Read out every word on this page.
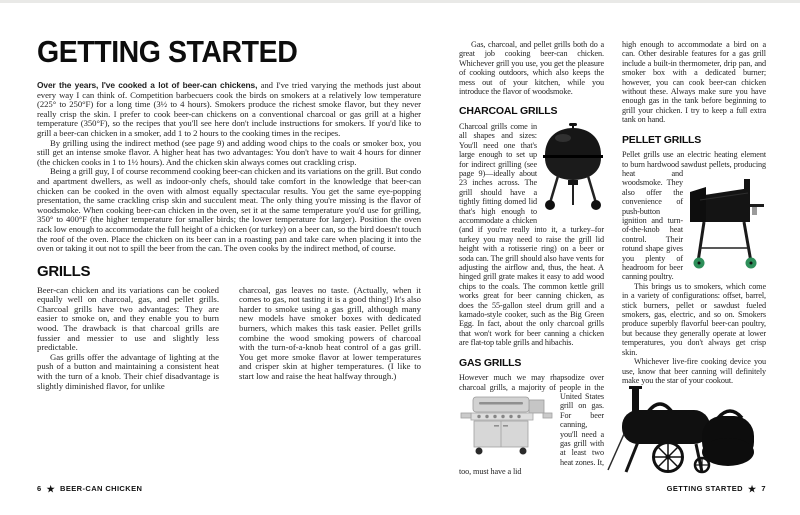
GETTING STARTED

Over the years, I've cooked a lot of beer-can chickens, and I've tried varying the methods just about every way I can think of. Competition barbecuers cook the birds on smokers at a relatively low temperature (225° to 250°F) for a long time (3½ to 4 hours). Smokers produce the richest smoke flavor, but they never really crisp the skin. I prefer to cook beer-can chickens on a conventional charcoal or gas grill at a higher temperature (350°F), so the recipes that you'll see here don't include instructions for smokers. If you'd like to grill a beer-can chicken in a smoker, add 1 to 2 hours to the cooking times in the recipes.

By grilling using the indirect method (see page 9) and adding wood chips to the coals or smoker box, you still get an intense smoke flavor. A higher heat has two advantages: You don't have to wait 4 hours for dinner (the chicken cooks in 1 to 1½ hours). And the chicken skin always comes out crackling crisp.

Being a grill guy, I of course recommend cooking beer-can chicken and its variations on the grill. But condo and apartment dwellers, as well as indoor-only chefs, should take comfort in the knowledge that beer-can chicken can be cooked in the oven with almost equally spectacular results. You get the same eye-popping presentation, the same crackling crisp skin and succulent meat. The only thing you're missing is the flavor of woodsmoke. When cooking beer-can chicken in the oven, set it at the same temperature you'd use for grilling, 350° to 400°F (the higher temperature for smaller birds; the lower temperature for larger). Position the oven rack low enough to accommodate the full height of a chicken (or turkey) on a beer can, so the bird doesn't touch the roof of the oven. Place the chicken on its beer can in a roasting pan and take care when placing it into the oven or taking it out not to spill the beer from the can. The oven cooks by the indirect method, of course.

GRILLS

Beer-can chicken and its variations can be cooked equally well on charcoal, gas, and pellet grills. Charcoal grills have two advantages: They are easier to smoke on, and they enable you to burn wood. The drawback is that charcoal grills are fussier and messier to use and slightly less predictable.

Gas grills offer the advantage of lighting at the push of a button and maintaining a consistent heat with the turn of a knob. Their chief disadvantage is slightly diminished flavor, for unlike

charcoal, gas leaves no taste. (Actually, when it comes to gas, not tasting it is a good thing!) It's also harder to smoke using a gas grill, although many new models have smoker boxes with dedicated burners, which makes this task easier. Pellet grills combine the wood smoking powers of charcoal with the turn-of-a-knob heat control of a gas grill. You get more smoke flavor at lower temperatures and crisper skin at higher temperatures. (I like to start low and raise the heat halfway through.)

Gas, charcoal, and pellet grills both do a great job cooking beer-can chicken. Whichever grill you use, you get the pleasure of cooking outdoors, which also keeps the mess out of your kitchen, while you introduce the flavor of woodsmoke.

CHARCOAL GRILLS

Charcoal grills come in all shapes and sizes: You'll need one that's large enough to set up for indirect grilling (see page 9)—ideally about 23 inches across. The grill should have a tightly fitting domed lid that's high enough to accommodate a chicken (and if you're really into it, a turkey–for turkey you may need to raise the grill lid height with a rotisserie ring) on a beer or soda can. The grill should also have vents for adjusting the airflow and, thus, the heat. A hinged grill grate makes it easy to add wood chips to the coals. The common kettle grill works great for beer canning chicken, as does the 55-gallon steel drum grill and a kamado-style cooker, such as the Big Green Egg. In fact, about the only charcoal grills that won't work for beer canning a chicken are flat-top table grills and hibachis.

GAS GRILLS

However much we may rhapsodize over charcoal grills, a majority of people in
the United States grill on gas. For beer canning, you'll need a gas grill with at least two heat zones. It, too, must have a lid

high enough to accommodate a bird on a can. Other desirable features for a gas grill include a built-in thermometer, drip pan, and smoker box with a dedicated burner; however, you can cook beer-can chicken without these. Always make sure you have enough gas in the tank before beginning to grill your chicken. I try to keep a full extra tank on hand.

PELLET GRILLS

Pellet grills use an electric heating element to burn hardwood sawdust
pellets, producing heat and woodsmoke. They also offer the convenience of push-button ignition and turn-of-the-knob heat control. Their rotund shape gives you plenty of headroom for beer canning poultry.

This brings us to smokers, which come in a variety of configurations: offset, barrel, stick burners, pellet or sawdust fueled smokers, gas, electric, and so on. Smokers produce superbly flavorful beer-can poultry, but because they generally operate at lower temperatures, you don't always get crisp skin.

Whichever live-fire cooking device you use, know that beer canning will definitely make you the star of your cookout.

6 ★ BEER-CAN CHICKEN	GETTING STARTED ★ 7
